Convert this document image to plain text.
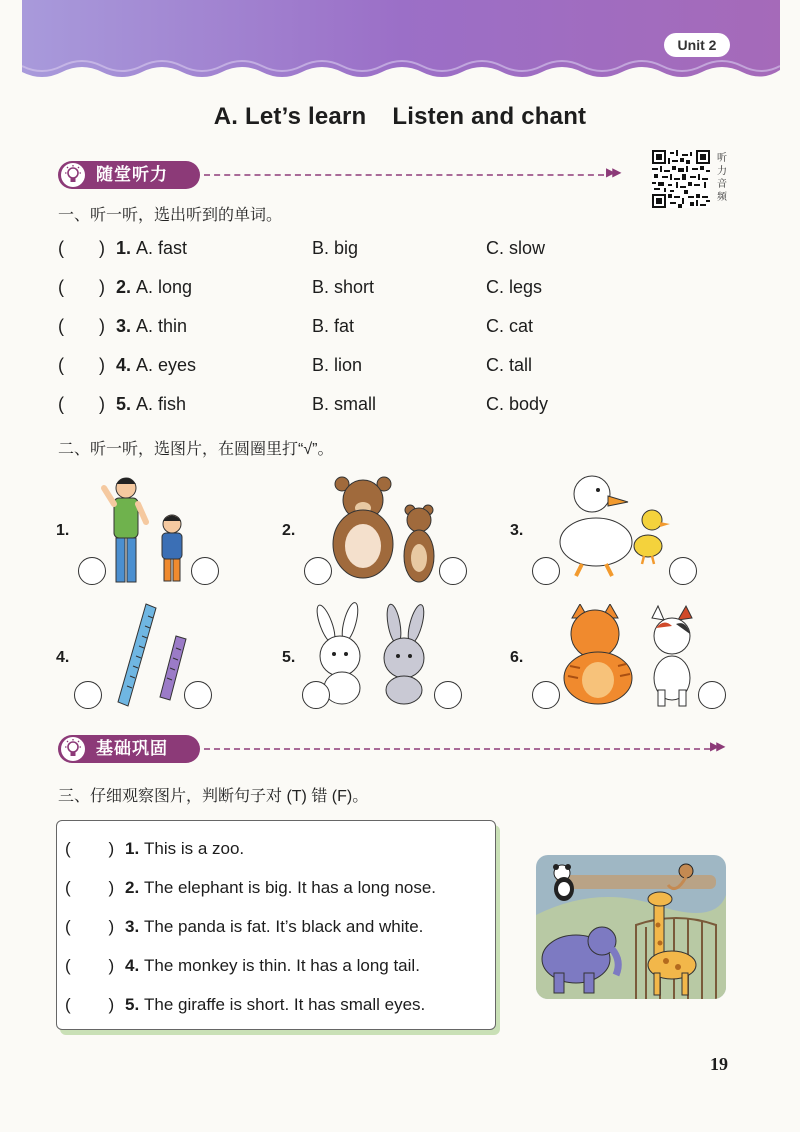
Unit 2
A. Let’s learn Listen and chant
随堂听力	▶▶
听力音频
一、听一听，选出听到的单词。
(       ) 1. A. fast	B. big	C. slow
(       ) 2. A. long	B. short	C. legs
(       ) 3. A. thin	B. fat	C. cat
(       ) 4. A. eyes	B. lion	C. tall
(       ) 5. A. fish	B. small	C. body
二、听一听，选图片，在圆圈里打“√”。
1.	2.	3.
4.	5.	6.
基础巩固	▶▶
三、仔细观察图片，判断句子对 (T) 错 (F)。
(        ) 1. This is a zoo.
(        ) 2. The elephant is big. It has a long nose.
(        ) 3. The panda is fat. It’s black and white.
(        ) 4. The monkey is thin. It has a long tail.
(        ) 5. The giraffe is short. It has small eyes.
19
